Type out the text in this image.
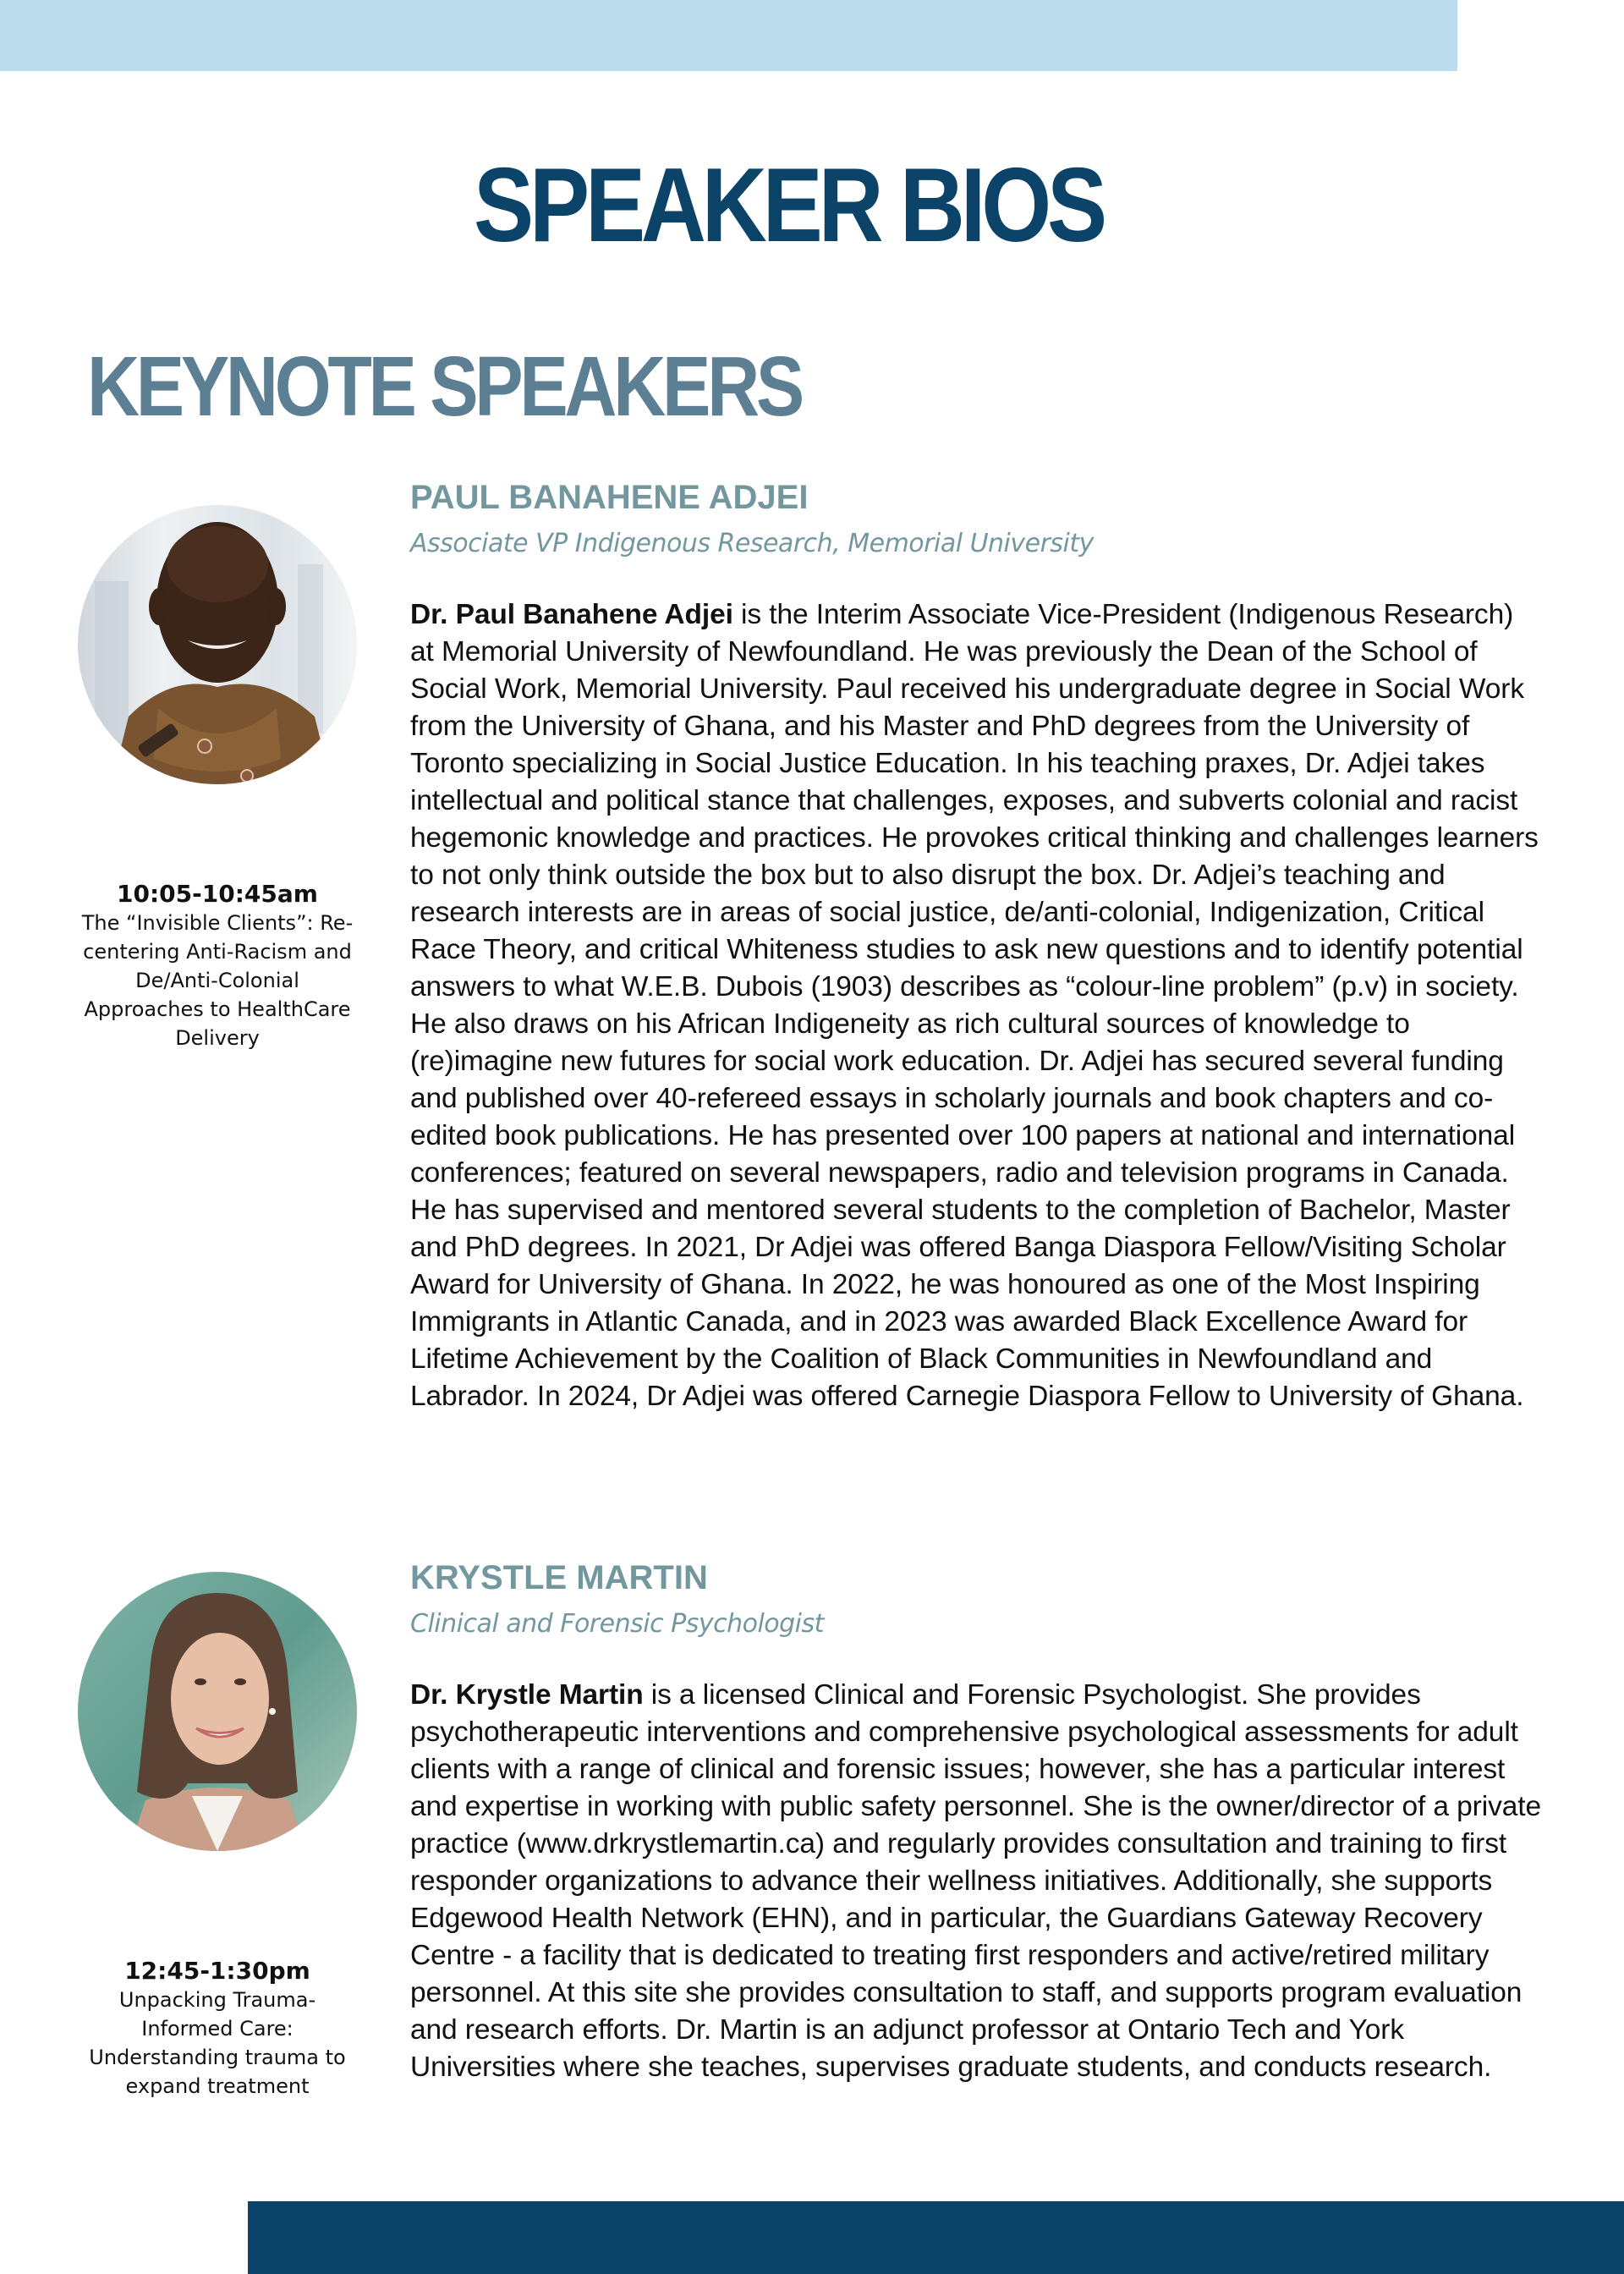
SPEAKER BIOS
KEYNOTE SPEAKERS
10:05-10:45am
The “Invisible Clients”: Re-centering Anti-Racism and De/Anti-Colonial Approaches to HealthCare Delivery
PAUL BANAHENE ADJEI
Associate VP Indigenous Research, Memorial University
Dr. Paul Banahene Adjei is the Interim Associate Vice-President (Indigenous Research) at Memorial University of Newfoundland. He was previously the Dean of the School of Social Work, Memorial University. Paul received his undergraduate degree in Social Work from the University of Ghana, and his Master and PhD degrees from the University of Toronto specializing in Social Justice Education. In his teaching praxes, Dr. Adjei takes intellectual and political stance that challenges, exposes, and subverts colonial and racist hegemonic knowledge and practices. He provokes critical thinking and challenges learners to not only think outside the box but to also disrupt the box. Dr. Adjei’s teaching and research interests are in areas of social justice, de/anti-colonial, Indigenization, Critical Race Theory, and critical Whiteness studies to ask new questions and to identify potential answers to what W.E.B. Dubois (1903) describes as “colour-line problem” (p.v) in society. He also draws on his African Indigeneity as rich cultural sources of knowledge to (re)imagine new futures for social work education. Dr. Adjei has secured several funding and published over 40-refereed essays in scholarly journals and book chapters and co-edited book publications. He has presented over 100 papers at national and international conferences; featured on several newspapers, radio and television programs in Canada. He has supervised and mentored several students to the completion of Bachelor, Master and PhD degrees. In 2021, Dr Adjei was offered Banga Diaspora Fellow/Visiting Scholar Award for University of Ghana. In 2022, he was honoured as one of the Most Inspiring Immigrants in Atlantic Canada, and in 2023 was awarded Black Excellence Award for Lifetime Achievement by the Coalition of Black Communities in Newfoundland and Labrador. In 2024, Dr Adjei was offered Carnegie Diaspora Fellow to University of Ghana.
12:45-1:30pm
Unpacking Trauma-Informed Care: Understanding trauma to expand treatment
KRYSTLE MARTIN
Clinical and Forensic Psychologist
Dr. Krystle Martin is a licensed Clinical and Forensic Psychologist. She provides psychotherapeutic interventions and comprehensive psychological assessments for adult clients with a range of clinical and forensic issues; however, she has a particular interest and expertise in working with public safety personnel. She is the owner/director of a private practice (www.drkrystlemartin.ca) and regularly provides consultation and training to first responder organizations to advance their wellness initiatives. Additionally, she supports Edgewood Health Network (EHN), and in particular, the Guardians Gateway Recovery Centre - a facility that is dedicated to treating first responders and active/retired military personnel. At this site she provides consultation to staff, and supports program evaluation and research efforts. Dr. Martin is an adjunct professor at Ontario Tech and York Universities where she teaches, supervises graduate students, and conducts research.
